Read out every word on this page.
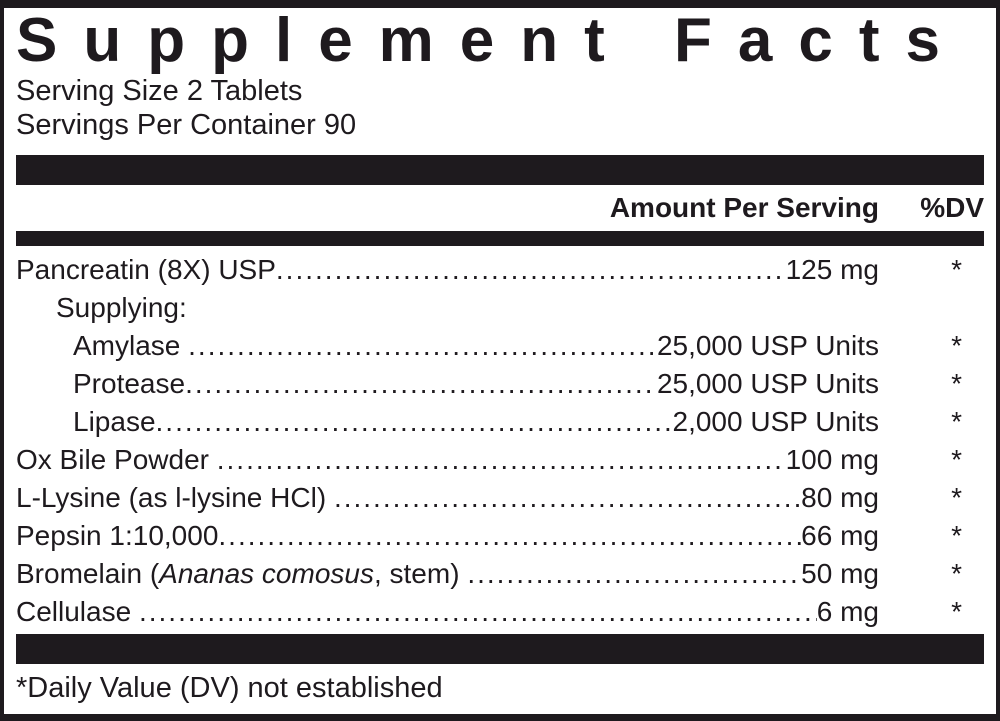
Supplement Facts
Serving Size 2 Tablets
Servings Per Container 90
Amount Per Serving	%DV
Pancreatin (8X) USP .....	125 mg	*
Supplying:
Amylase .....	25,000 USP Units	*
Protease .....	25,000 USP Units	*
Lipase .....	2,000 USP Units	*
Ox Bile Powder .....	100 mg	*
L-Lysine (as l-lysine HCl) .....	80 mg	*
Pepsin 1:10,000 .....	66 mg	*
Bromelain (Ananas comosus, stem) .....	50 mg	*
Cellulase .....	6 mg	*
*Daily Value (DV) not established
